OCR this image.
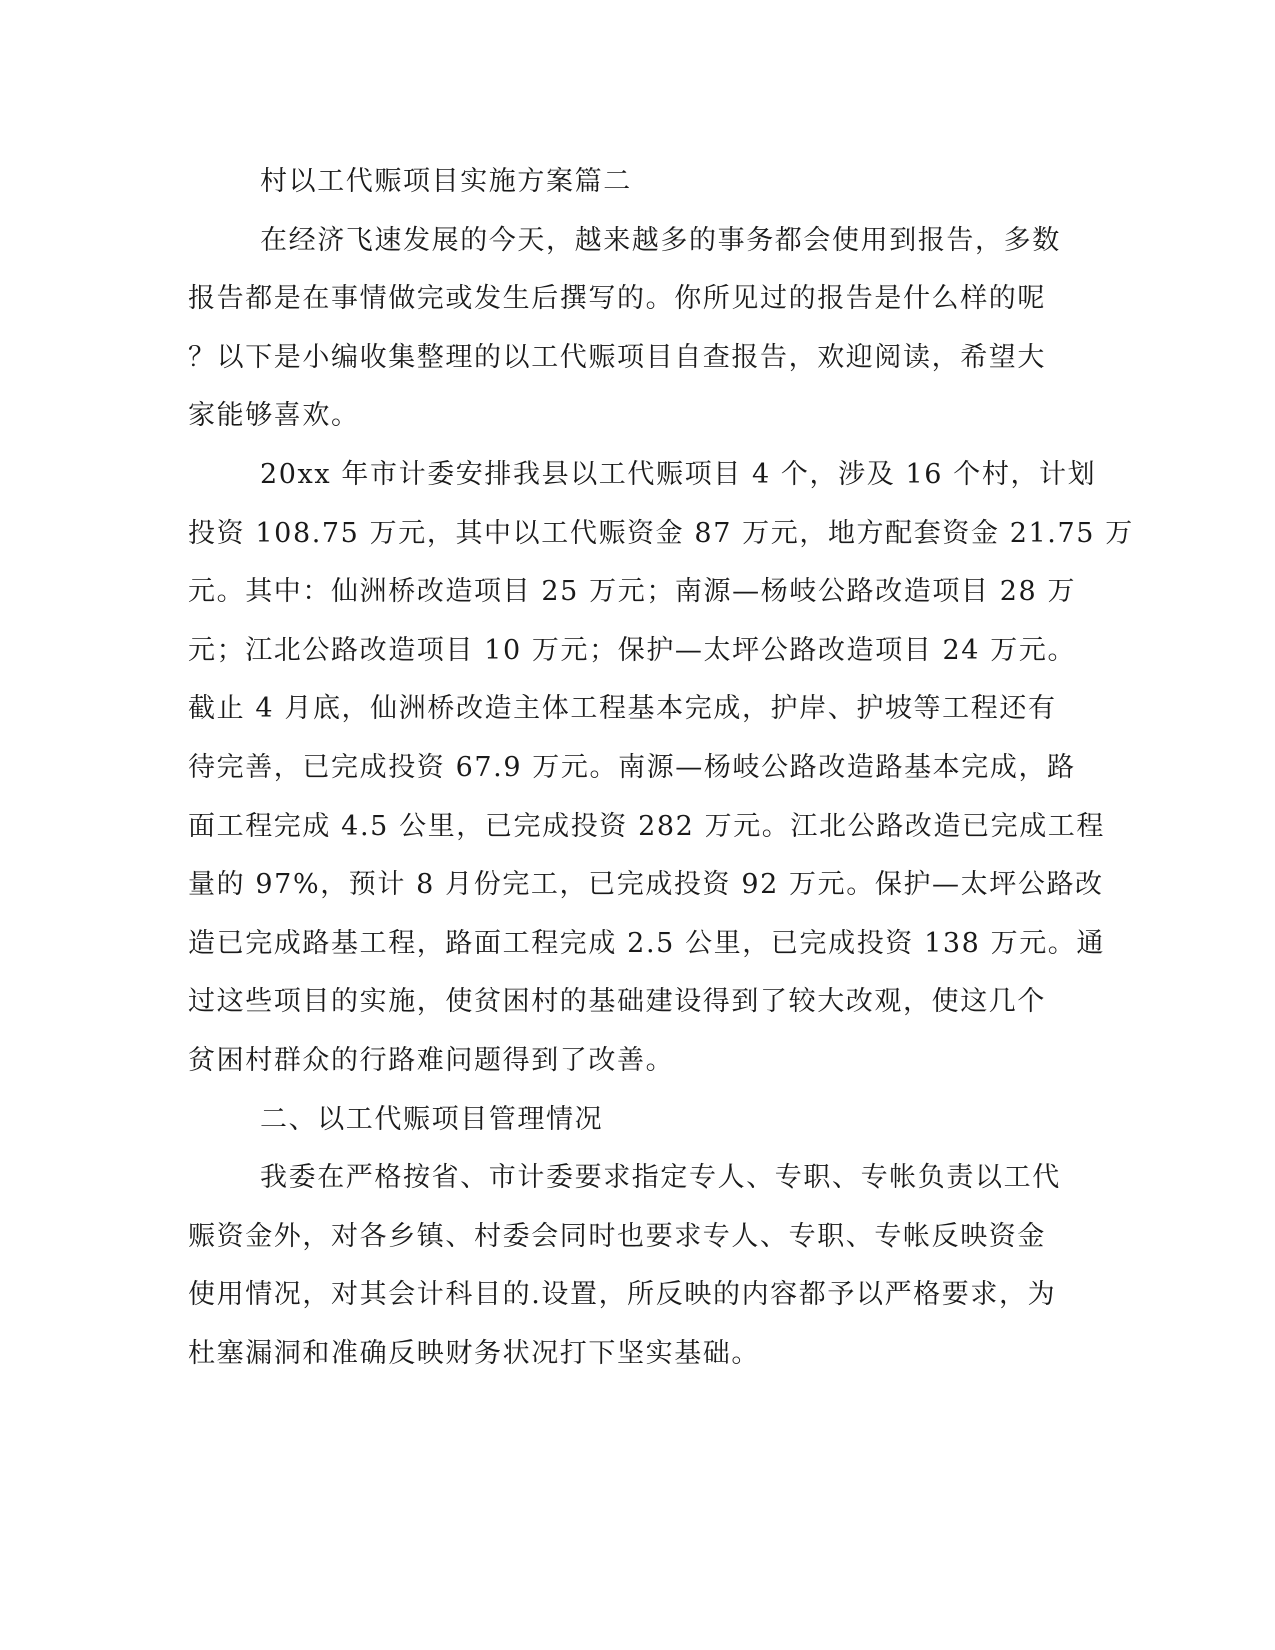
村以工代赈项目实施方案篇二
在经济飞速发展的今天，越来越多的事务都会使用到报告，多数
报告都是在事情做完或发生后撰写的。你所见过的报告是什么样的呢
？以下是小编收集整理的以工代赈项目自查报告，欢迎阅读，希望大
家能够喜欢。
20xx 年市计委安排我县以工代赈项目 4 个，涉及 16 个村，计划
投资 108.75 万元，其中以工代赈资金 87 万元，地方配套资金 21.75 万
元。其中：仙洲桥改造项目 25 万元；南源—杨岐公路改造项目 28 万
元；江北公路改造项目 10 万元；保护—太坪公路改造项目 24 万元。
截止 4 月底，仙洲桥改造主体工程基本完成，护岸、护坡等工程还有
待完善，已完成投资 67.9 万元。南源—杨岐公路改造路基本完成，路
面工程完成 4.5 公里，已完成投资 282 万元。江北公路改造已完成工程
量的 97%，预计 8 月份完工，已完成投资 92 万元。保护—太坪公路改
造已完成路基工程，路面工程完成 2.5 公里，已完成投资 138 万元。通
过这些项目的实施，使贫困村的基础建设得到了较大改观，使这几个
贫困村群众的行路难问题得到了改善。
二、以工代赈项目管理情况
我委在严格按省、市计委要求指定专人、专职、专帐负责以工代
赈资金外，对各乡镇、村委会同时也要求专人、专职、专帐反映资金
使用情况，对其会计科目的.设置，所反映的内容都予以严格要求，为
杜塞漏洞和准确反映财务状况打下坚实基础。
